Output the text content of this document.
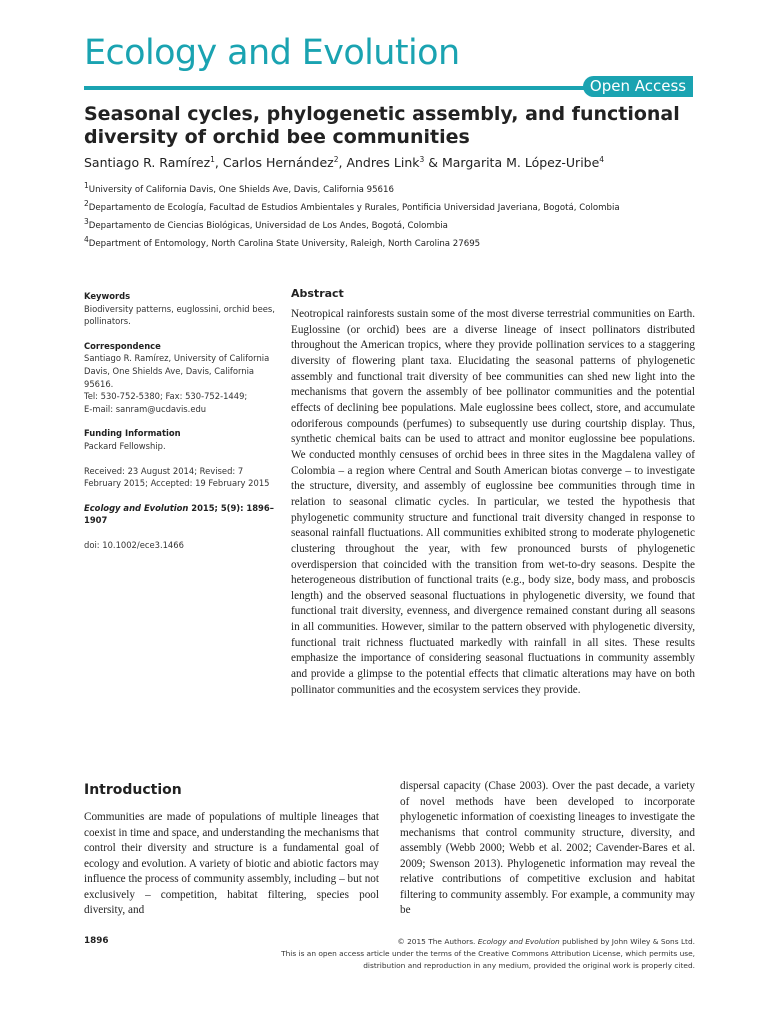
Ecology and Evolution
Open Access
Seasonal cycles, phylogenetic assembly, and functional diversity of orchid bee communities
Santiago R. Ramírez$^1$, Carlos Hernández$^2$, Andres Link$^3$ & Margarita M. López-Uribe$^4$
$^1$University of California Davis, One Shields Ave, Davis, California 95616
$^2$Departamento de Ecología, Facultad de Estudios Ambientales y Rurales, Pontificia Universidad Javeriana, Bogotá, Colombia
$^3$Departamento de Ciencias Biológicas, Universidad de Los Andes, Bogotá, Colombia
$^4$Department of Entomology, North Carolina State University, Raleigh, North Carolina 27695
Keywords
Biodiversity patterns, euglossini, orchid bees, pollinators.
Correspondence
Santiago R. Ramírez, University of California Davis, One Shields Ave, Davis, California 95616.
Tel: 530-752-5380; Fax: 530-752-1449;
E-mail: sanram@ucdavis.edu
Funding Information
Packard Fellowship.
Received: 23 August 2014; Revised: 7 February 2015; Accepted: 19 February 2015
Ecology and Evolution 2015; 5(9): 1896–1907
doi: 10.1002/ece3.1466
Abstract
Neotropical rainforests sustain some of the most diverse terrestrial communities on Earth. Euglossine (or orchid) bees are a diverse lineage of insect pollinators distributed throughout the American tropics, where they provide pollination services to a staggering diversity of flowering plant taxa. Elucidating the seasonal patterns of phylogenetic assembly and functional trait diversity of bee communities can shed new light into the mechanisms that govern the assembly of bee pollinator communities and the potential effects of declining bee populations. Male euglossine bees collect, store, and accumulate odoriferous compounds (perfumes) to subsequently use during courtship display. Thus, synthetic chemical baits can be used to attract and monitor euglossine bee populations. We conducted monthly censuses of orchid bees in three sites in the Magdalena valley of Colombia – a region where Central and South American biotas converge – to investigate the structure, diversity, and assembly of euglossine bee communities through time in relation to seasonal climatic cycles. In particular, we tested the hypothesis that phylogenetic community structure and functional trait diversity changed in response to seasonal rainfall fluctuations. All communities exhibited strong to moderate phylogenetic clustering throughout the year, with few pronounced bursts of phylogenetic overdispersion that coincided with the transition from wet-to-dry seasons. Despite the heterogeneous distribution of functional traits (e.g., body size, body mass, and proboscis length) and the observed seasonal fluctuations in phylogenetic diversity, we found that functional trait diversity, evenness, and divergence remained constant during all seasons in all communities. However, similar to the pattern observed with phylogenetic diversity, functional trait richness fluctuated markedly with rainfall in all sites. These results emphasize the importance of considering seasonal fluctuations in community assembly and provide a glimpse to the potential effects that climatic alterations may have on both pollinator communities and the ecosystem services they provide.
Introduction
Communities are made of populations of multiple lineages that coexist in time and space, and understanding the mechanisms that control their diversity and structure is a fundamental goal of ecology and evolution. A variety of biotic and abiotic factors may influence the process of community assembly, including – but not exclusively – competition, habitat filtering, species pool diversity, and
dispersal capacity (Chase 2003). Over the past decade, a variety of novel methods have been developed to incorporate phylogenetic information of coexisting lineages to investigate the mechanisms that control community structure, diversity, and assembly (Webb 2000; Webb et al. 2002; Cavender-Bares et al. 2009; Swenson 2013). Phylogenetic information may reveal the relative contributions of competitive exclusion and habitat filtering to community assembly. For example, a community may be
1896	© 2015 The Authors. Ecology and Evolution published by John Wiley & Sons Ltd.
This is an open access article under the terms of the Creative Commons Attribution License, which permits use,
distribution and reproduction in any medium, provided the original work is properly cited.
